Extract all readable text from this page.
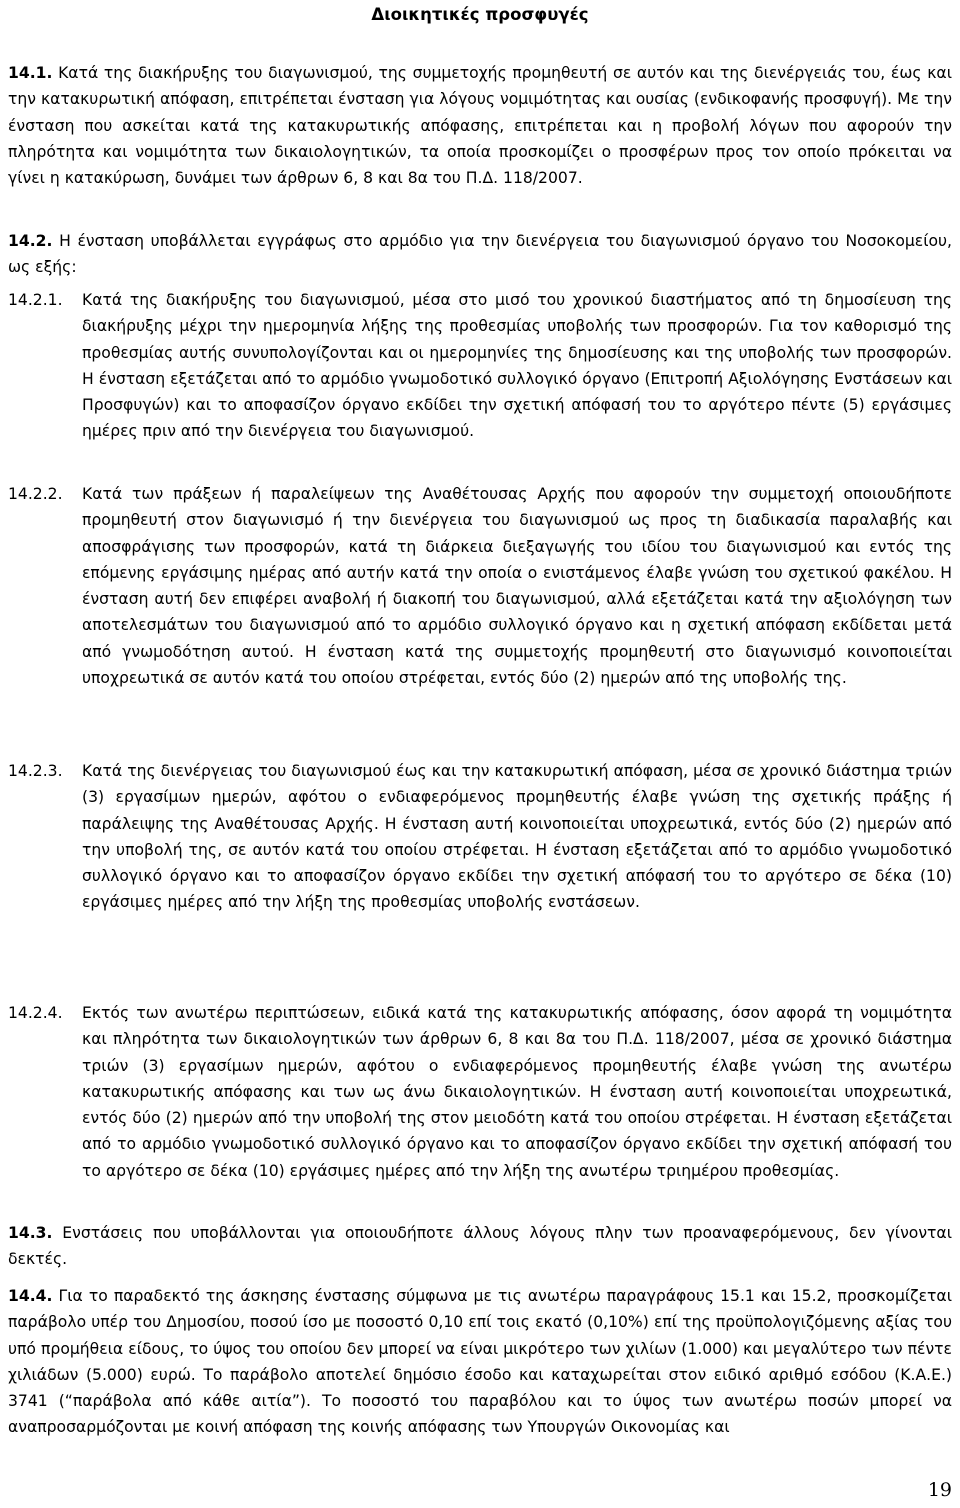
Διοικητικές προσφυγές

14.1. Κατά της διακήρυξης του διαγωνισμού, της συμμετοχής προμηθευτή σε αυτόν και της διενέργειάς του, έως και την κατακυρωτική απόφαση, επιτρέπεται ένσταση για λόγους νομιμότητας και ουσίας (ενδικοφανής προσφυγή). Με την ένσταση που ασκείται κατά της κατακυρωτικής απόφασης, επιτρέπεται και η προβολή λόγων που αφορούν την πληρότητα και νομιμότητα των δικαιολογητικών, τα οποία προσκομίζει ο προσφέρων προς τον οποίο πρόκειται να γίνει η κατακύρωση, δυνάμει των άρθρων 6, 8 και 8α του Π.Δ. 118/2007.

14.2. Η ένσταση υποβάλλεται εγγράφως στο αρμόδιο για την διενέργεια του διαγωνισμού όργανο του Νοσοκομείου, ως εξής:

14.2.1. Κατά της διακήρυξης του διαγωνισμού, μέσα στο μισό του χρονικού διαστήματος από τη δημοσίευση της διακήρυξης μέχρι την ημερομηνία λήξης της προθεσμίας υποβολής των προσφορών. Για τον καθορισμό της προθεσμίας αυτής συνυπολογίζονται και οι ημερομηνίες της δημοσίευσης και της υποβολής των προσφορών. Η ένσταση εξετάζεται από το αρμόδιο γνωμοδοτικό συλλογικό όργανο (Επιτροπή Αξιολόγησης Ενστάσεων και Προσφυγών) και το αποφασίζον όργανο εκδίδει την σχετική απόφασή του το αργότερο πέντε (5) εργάσιμες ημέρες πριν από την διενέργεια του διαγωνισμού.

14.2.2. Κατά των πράξεων ή παραλείψεων της Αναθέτουσας Αρχής που αφορούν την συμμετοχή οποιουδήποτε προμηθευτή στον διαγωνισμό ή την διενέργεια του διαγωνισμού ως προς τη διαδικασία παραλαβής και αποσφράγισης των προσφορών, κατά τη διάρκεια διεξαγωγής του ιδίου του διαγωνισμού και εντός της επόμενης εργάσιμης ημέρας από αυτήν κατά την οποία ο ενιστάμενος έλαβε γνώση του σχετικού φακέλου. Η ένσταση αυτή δεν επιφέρει αναβολή ή διακοπή του διαγωνισμού, αλλά εξετάζεται κατά την αξιολόγηση των αποτελεσμάτων του διαγωνισμού από το αρμόδιο συλλογικό όργανο και η σχετική απόφαση εκδίδεται μετά από γνωμοδότηση αυτού. Η ένσταση κατά της συμμετοχής προμηθευτή στο διαγωνισμό κοινοποιείται υποχρεωτικά σε αυτόν κατά του οποίου στρέφεται, εντός δύο (2) ημερών από της υποβολής της.

14.2.3. Κατά της διενέργειας του διαγωνισμού έως και την κατακυρωτική απόφαση, μέσα σε χρονικό διάστημα τριών (3) εργασίμων ημερών, αφότου ο ενδιαφερόμενος προμηθευτής έλαβε γνώση της σχετικής πράξης ή παράλειψης της Αναθέτουσας Αρχής. Η ένσταση αυτή κοινοποιείται υποχρεωτικά, εντός δύο (2) ημερών από την υποβολή της, σε αυτόν κατά του οποίου στρέφεται. Η ένσταση εξετάζεται από το αρμόδιο γνωμοδοτικό συλλογικό όργανο και το αποφασίζον όργανο εκδίδει την σχετική απόφασή του το αργότερο σε δέκα (10) εργάσιμες ημέρες από την λήξη της προθεσμίας υποβολής ενστάσεων.

14.2.4. Εκτός των ανωτέρω περιπτώσεων, ειδικά κατά της κατακυρωτικής απόφασης, όσον αφορά τη νομιμότητα και πληρότητα των δικαιολογητικών των άρθρων 6, 8 και 8α του Π.Δ. 118/2007, μέσα σε χρονικό διάστημα τριών (3) εργασίμων ημερών, αφότου ο ενδιαφερόμενος προμηθευτής έλαβε γνώση της ανωτέρω κατακυρωτικής απόφασης και των ως άνω δικαιολογητικών. Η ένσταση αυτή κοινοποιείται υποχρεωτικά, εντός δύο (2) ημερών από την υποβολή της στον μειοδότη κατά του οποίου στρέφεται. Η ένσταση εξετάζεται από το αρμόδιο γνωμοδοτικό συλλογικό όργανο και το αποφασίζον όργανο εκδίδει την σχετική απόφασή του το αργότερο σε δέκα (10) εργάσιμες ημέρες από την λήξη της ανωτέρω τριημέρου προθεσμίας.

14.3. Ενστάσεις που υποβάλλονται για οποιουδήποτε άλλους λόγους πλην των προαναφερόμενους, δεν γίνονται δεκτές.

14.4. Για το παραδεκτό της άσκησης ένστασης σύμφωνα με τις ανωτέρω παραγράφους 15.1 και 15.2, προσκομίζεται παράβολο υπέρ του Δημοσίου, ποσού ίσο με ποσοστό 0,10 επί τοις εκατό (0,10%) επί της προϋπολογιζόμενης αξίας του υπό προμήθεια είδους, το ύψος του οποίου δεν μπορεί να είναι μικρότερο των χιλίων (1.000) και μεγαλύτερο των πέντε χιλιάδων (5.000) ευρώ. Το παράβολο αποτελεί δημόσιο έσοδο και καταχωρείται στον ειδικό αριθμό εσόδου (Κ.Α.Ε.) 3741 (“παράβολα από κάθε αιτία”). Το ποσοστό του παραβόλου και το ύψος των ανωτέρω ποσών μπορεί να αναπροσαρμόζονται με κοινή απόφαση της κοινής απόφασης των Υπουργών Οικονομίας και

19
